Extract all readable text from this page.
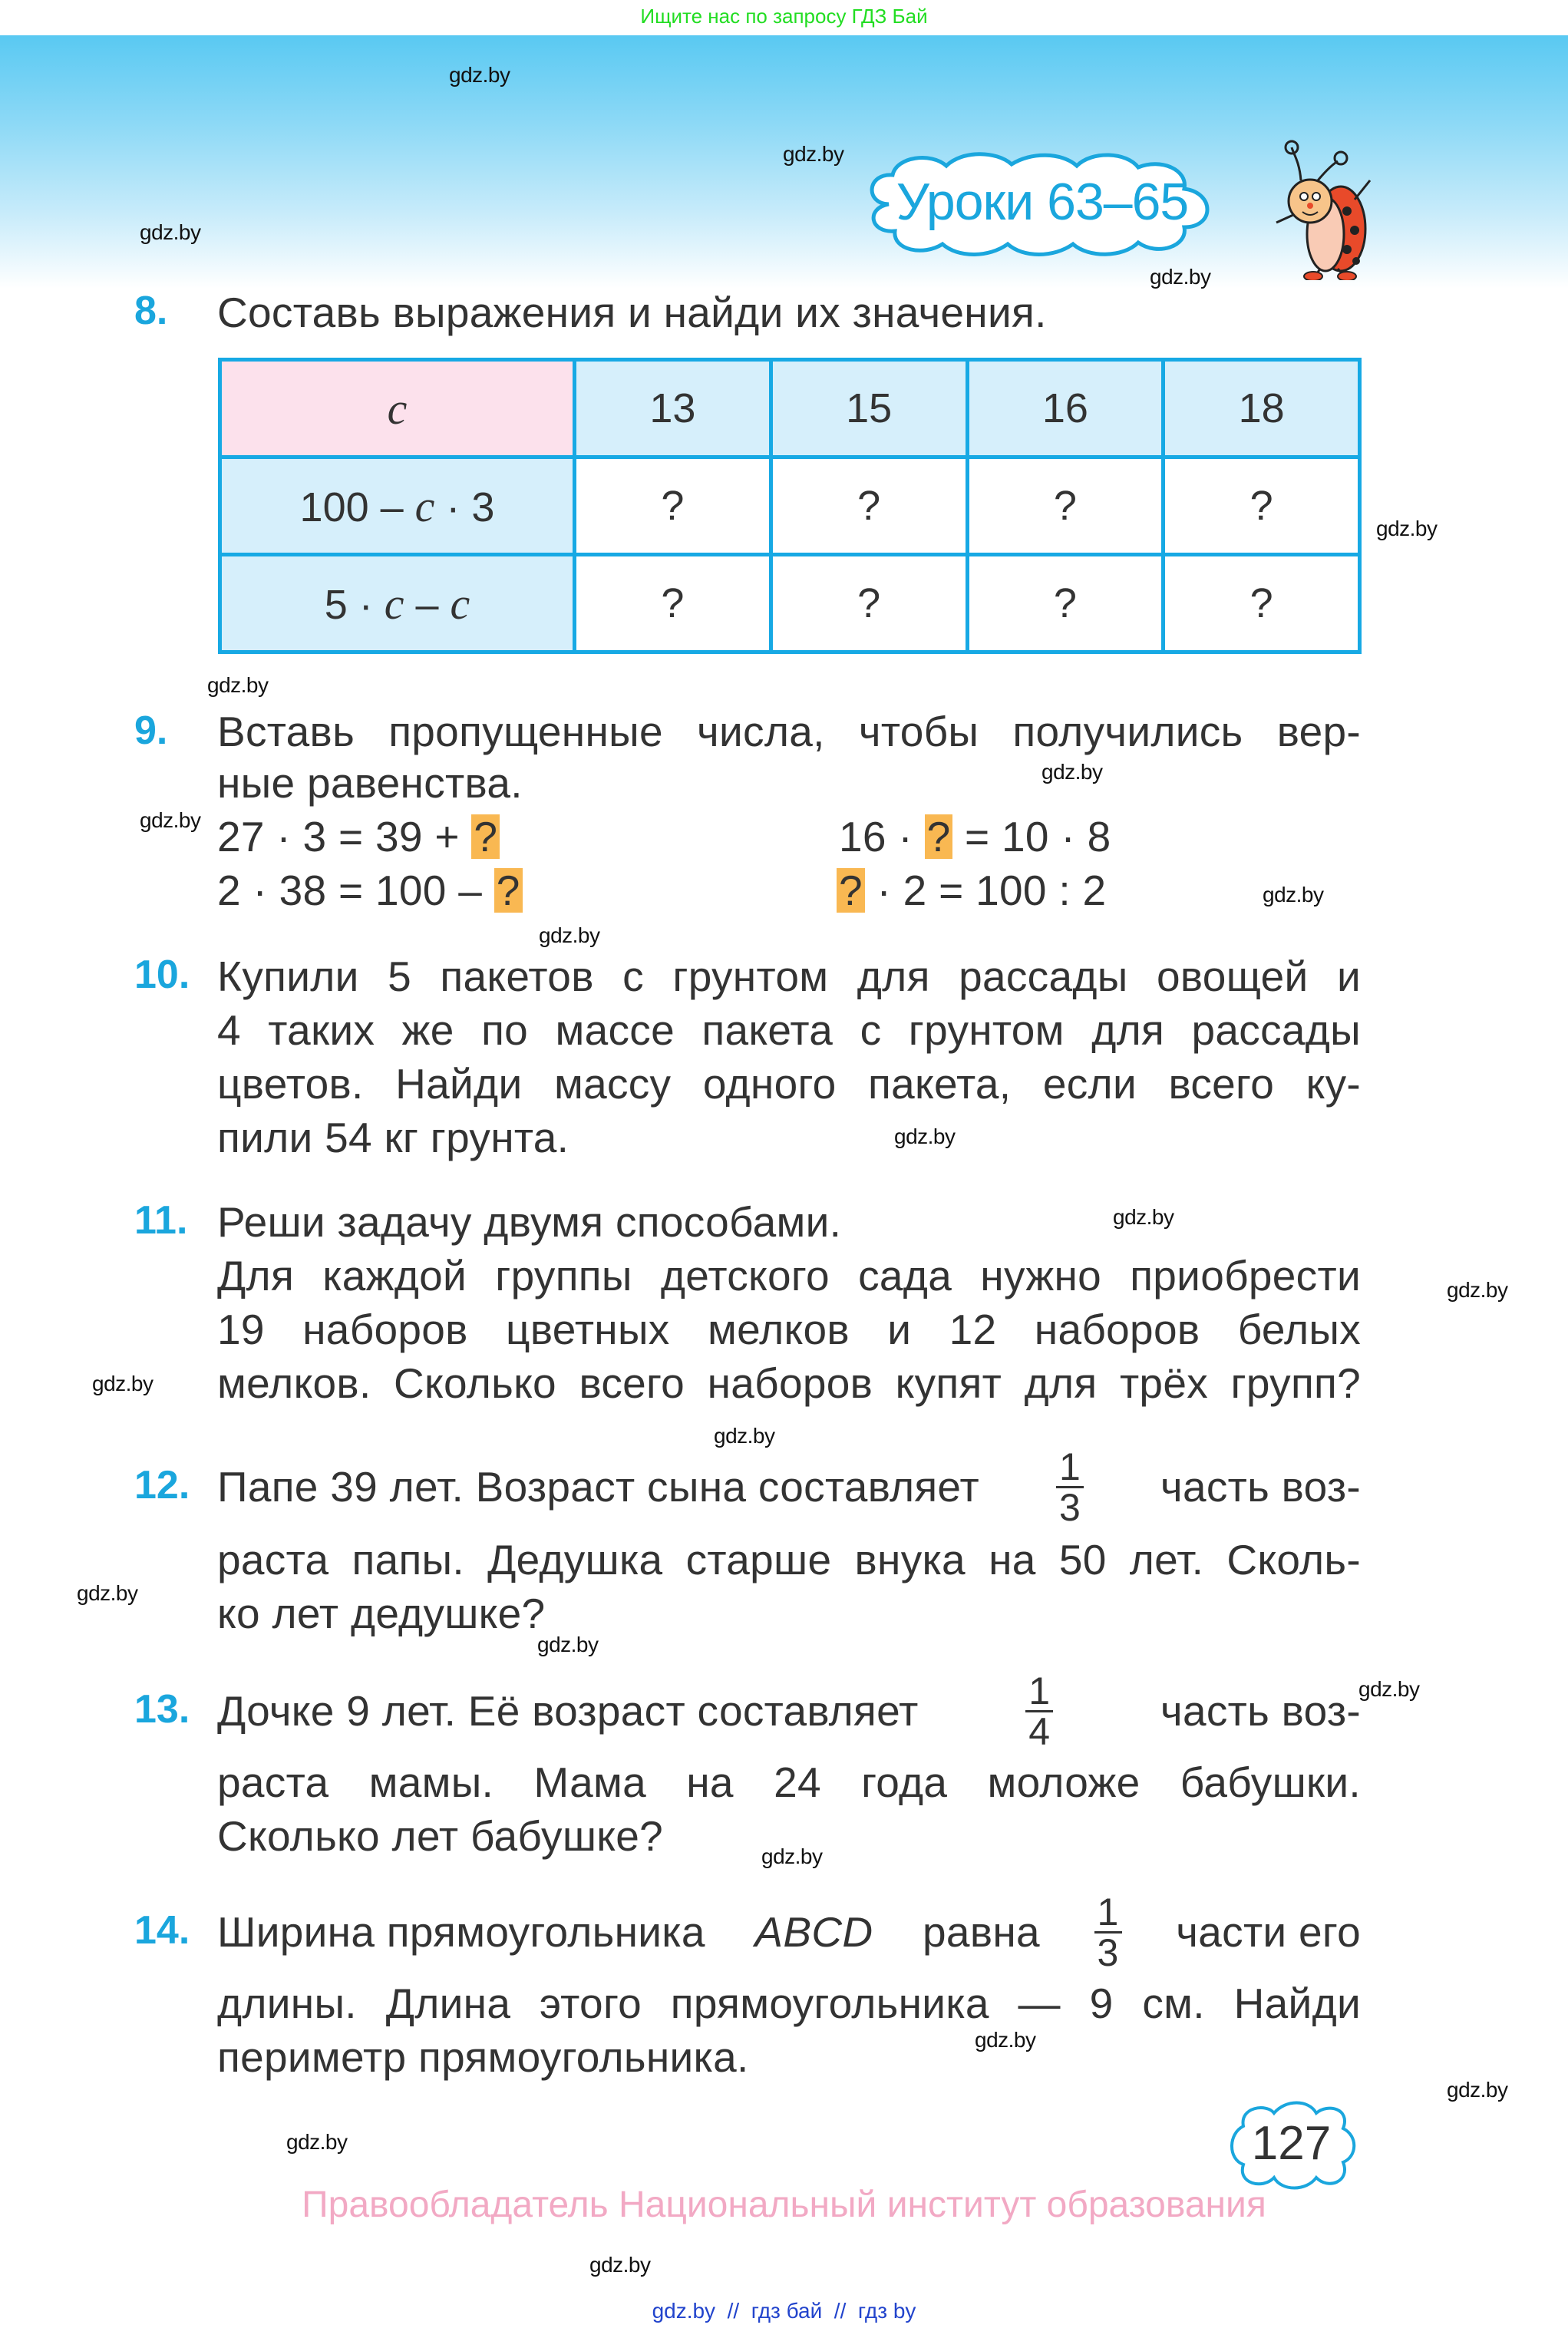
Ищите нас по запросу ГДЗ Бай
Уроки 63–65
gdz.by
gdz.by
gdz.by
gdz.by
gdz.by
gdz.by
gdz.by
gdz.by
gdz.by
gdz.by
gdz.by
gdz.by
gdz.by
gdz.by
gdz.by
gdz.by
gdz.by
gdz.by
gdz.by
gdz.by
gdz.by
gdz.by
gdz.by
8. Составь выражения и найди их значения.
c	13	15	16	18
100 – c · 3	?	?	?	?
5 · c – c	?	?	?	?
9. Вставь пропущенные числа, чтобы получились вер-
ные равенства.
27 · 3 = 39 + ?
2 · 38 = 100 – ?
16 · ? = 10 · 8
? · 2 = 100 : 2
10. Купили 5 пакетов с грунтом для рассады овощей и
4 таких же по массе пакета с грунтом для рассады
цветов. Найди массу одного пакета, если всего ку-
пили 54 кг грунта.
11. Реши задачу двумя способами.
Для каждой группы детского сада нужно приобрести
19 наборов цветных мелков и 12 наборов белых
мелков. Сколько всего наборов купят для трёх групп?
12. Папе 39 лет. Возраст сына составляет $\frac{1}{3}$ часть воз-
раста папы. Дедушка старше внука на 50 лет. Сколь-
ко лет дедушке?
13. Дочке 9 лет. Её возраст составляет	$\frac{1}{4}$	часть воз-
раста мамы. Мама на 24 года моложе бабушки.
Сколько лет бабушке?
14. Ширина прямоугольника ABCD равна $\frac{1}{3}$ части его
длины. Длина этого прямоугольника — 9 см. Найди
периметр прямоугольника.
127
Правообладатель Национальный институт образования
gdz.by  //  гдз бай  //  гдз by
